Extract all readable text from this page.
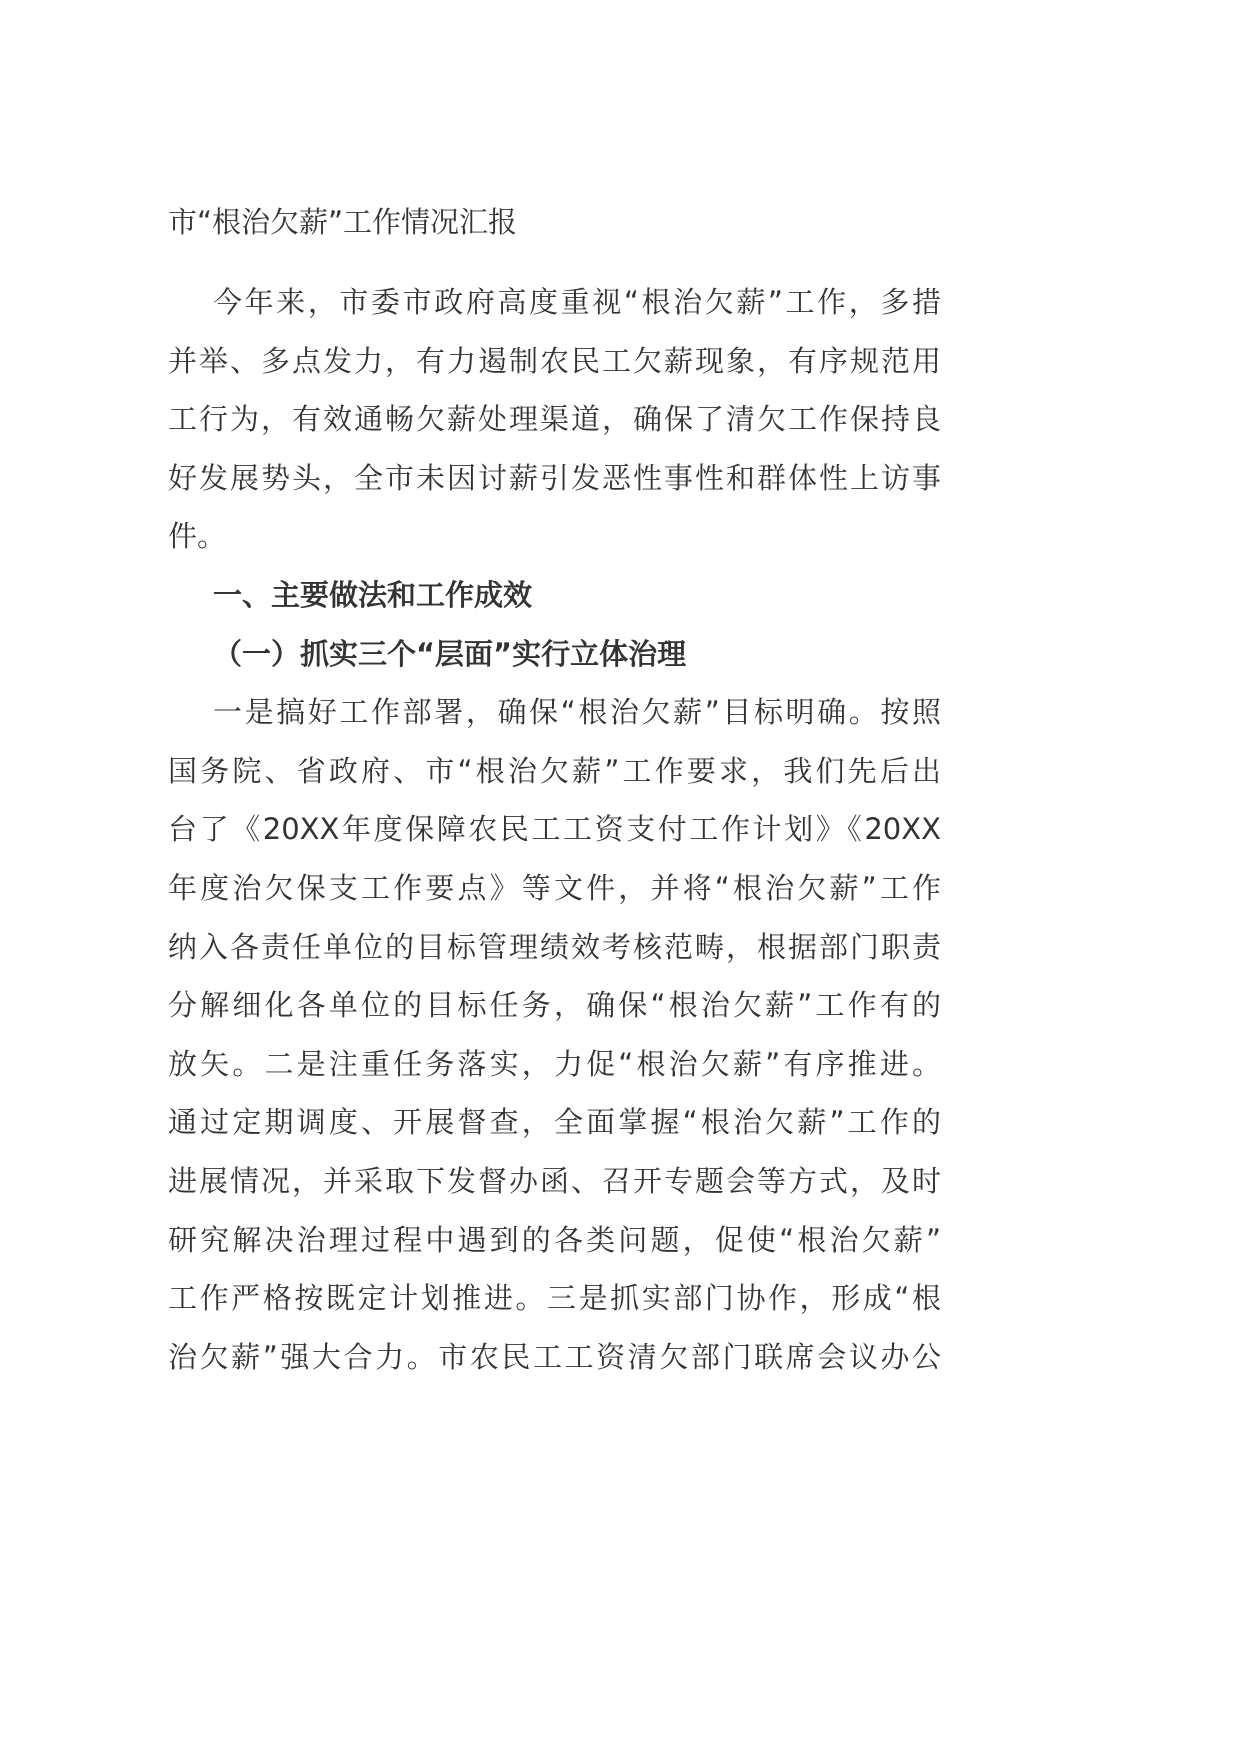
市“根治欠薪”工作情况汇报
今年来，市委市政府高度重视“根治欠薪”工作，多措
并举、多点发力，有力遏制农民工欠薪现象，有序规范用
工行为，有效通畅欠薪处理渠道，确保了清欠工作保持良
好发展势头，全市未因讨薪引发恶性事性和群体性上访事
件。
一、主要做法和工作成效
（一）抓实三个“层面”实行立体治理
一是搞好工作部署，确保“根治欠薪”目标明确。按照
国务院、省政府、市“根治欠薪”工作要求，我们先后出
台了《20XX年度保障农民工工资支付工作计划》《20XX
年度治欠保支工作要点》等文件，并将“根治欠薪”工作
纳入各责任单位的目标管理绩效考核范畴，根据部门职责
分解细化各单位的目标任务，确保“根治欠薪”工作有的
放矢。二是注重任务落实，力促“根治欠薪”有序推进。
通过定期调度、开展督查，全面掌握“根治欠薪”工作的
进展情况，并采取下发督办函、召开专题会等方式，及时
研究解决治理过程中遇到的各类问题，促使“根治欠薪”
工作严格按既定计划推进。三是抓实部门协作，形成“根
治欠薪”强大合力。市农民工工资清欠部门联席会议办公
